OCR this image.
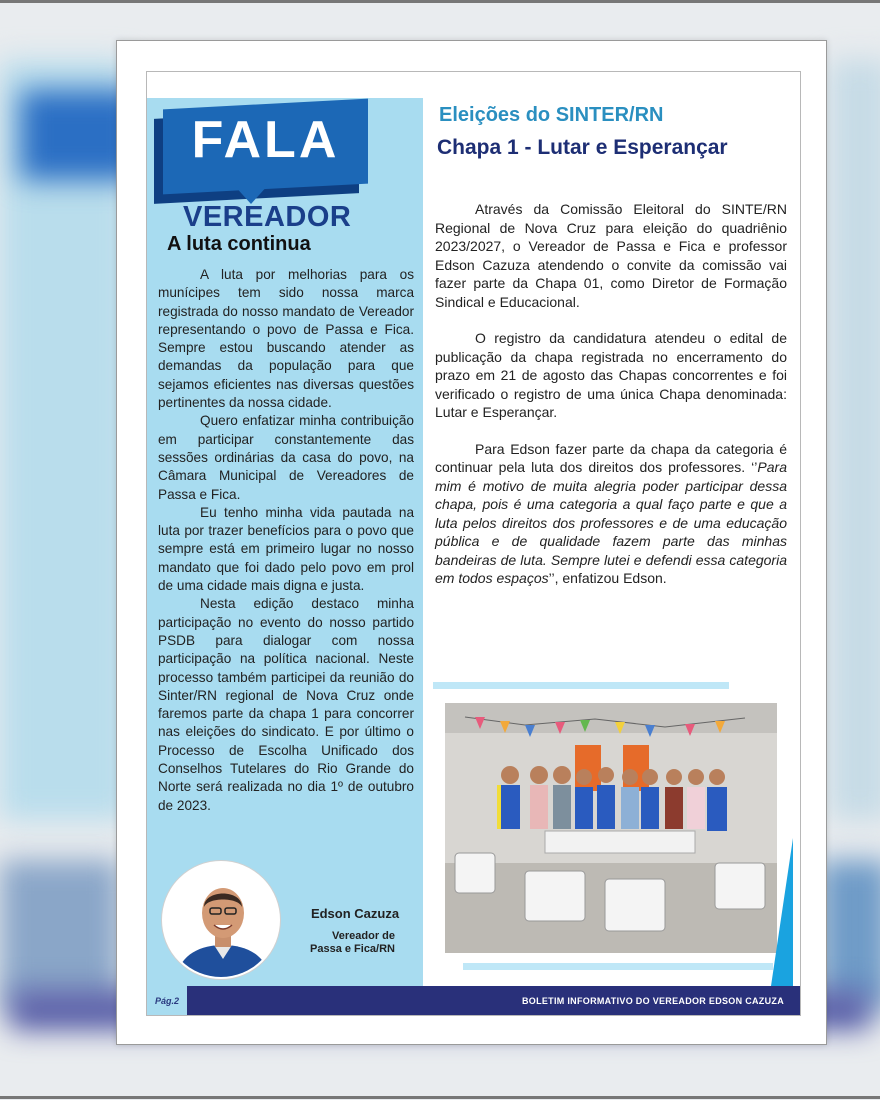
FALA
VEREADOR
A luta continua

A luta por melhorias para os munícipes tem sido nossa marca registrada do nosso mandato de Vereador representando o povo de Passa e Fica. Sempre estou buscando atender as demandas da população para que sejamos eficientes nas diversas questões pertinentes da nossa cidade.

Quero enfatizar minha contribuição em participar constantemente das sessões ordinárias da casa do povo, na Câmara Municipal de Vereadores de Passa e Fica.

Eu tenho minha vida pautada na luta por trazer benefícios para o povo que sempre está em primeiro lugar no nosso mandato que foi dado pelo povo em prol de uma cidade mais digna e justa.

Nesta edição destaco minha participação no evento do nosso partido PSDB para dialogar com nossa participação na política nacional. Neste processo também participei da reunião do Sinter/RN regional de Nova Cruz onde faremos parte da chapa 1 para concorrer nas eleições do sindicato. E por último o Processo de Escolha Unificado dos Conselhos Tutelares do Rio Grande do Norte será realizada no dia 1º de outubro de 2023.

Edson Cazuza
Vereador de
Passa e Fica/RN
Eleições do SINTER/RN
Chapa 1 - Lutar e Esperançar

Através da Comissão Eleitoral do SINTE/RN Regional de Nova Cruz para eleição do quadriênio 2023/2027, o Vereador de Passa e Fica e professor Edson Cazuza atendendo o convite da comissão vai fazer parte da Chapa 01, como Diretor de Formação Sindical e Educacional.

O registro da candidatura atendeu o edital de publicação da chapa registrada no encerramento do prazo em 21 de agosto das Chapas concorrentes e foi verificado o registro de uma única Chapa denominada: Lutar e Esperançar.

Para Edson fazer parte da chapa da categoria é continuar pela luta dos direitos dos professores. ‘’Para mim é motivo de muita alegria poder participar dessa chapa, pois é uma categoria a qual faço parte e que a luta pelos direitos dos professores e de uma educação pública e de qualidade fazem parte das minhas bandeiras de luta. Sempre lutei e defendi essa categoria em todos espaços’’, enfatizou Edson.

Pág.2	BOLETIM INFORMATIVO DO VEREADOR EDSON CAZUZA
